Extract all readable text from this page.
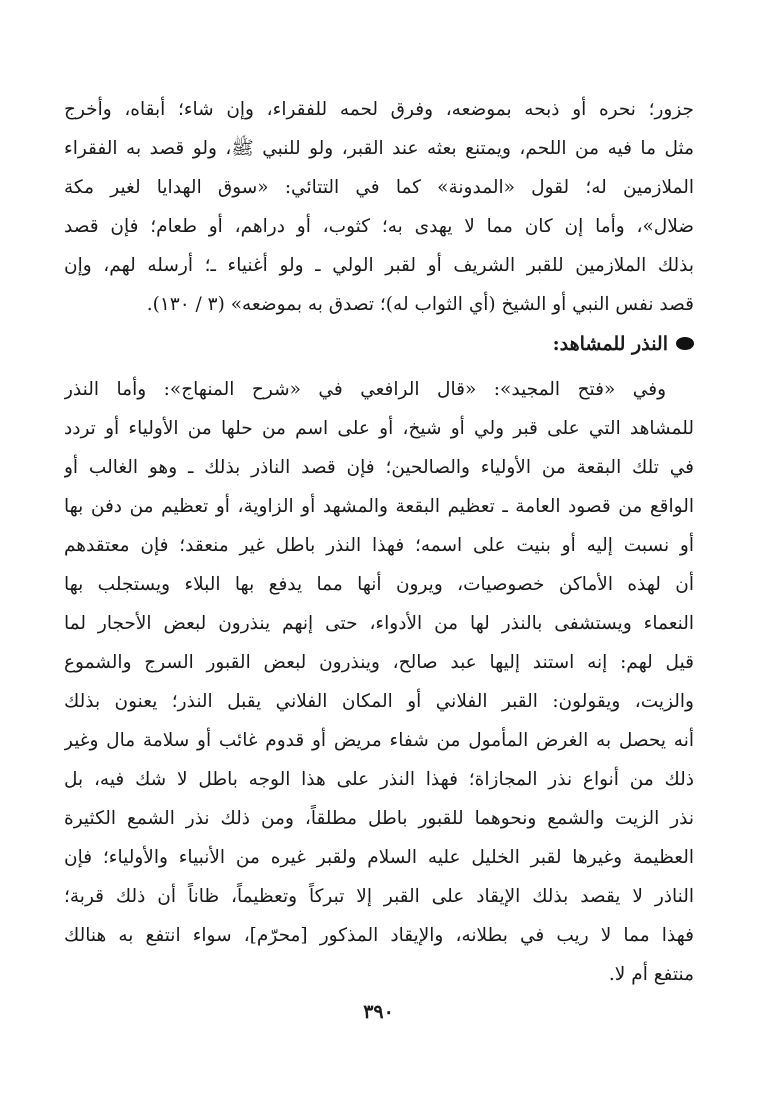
جزور؛ نحره أو ذبحه بموضعه، وفرق لحمه للفقراء، وإن شاء؛ أبقاه، وأخرج
مثل ما فيه من اللحم، ويمتنع بعثه عند القبر، ولو للنبي ﷺ، ولو قصد به الفقراء
الملازمين له؛ لقول «المدونة» كما في التتائي: «سوق الهدايا لغير مكة
ضلال»، وأما إن كان مما لا يهدى به؛ كثوب، أو دراهم، أو طعام؛ فإن قصد
بذلك الملازمين للقبر الشريف أو لقبر الولي ـ ولو أغنياء ـ؛ أرسله لهم، وإن
قصد نفس النبي أو الشيخ (أي الثواب له)؛ تصدق به بموضعه» (٣ / ١٣٠).
النذر للمشاهد:
وفي «فتح المجيد»: «قال الرافعي في «شرح المنهاج»: وأما النذر
للمشاهد التي على قبر ولي أو شيخ، أو على اسم من حلها من الأولياء أو تردد
في تلك البقعة من الأولياء والصالحين؛ فإن قصد الناذر بذلك ـ وهو الغالب أو
الواقع من قصود العامة ـ تعظيم البقعة والمشهد أو الزاوية، أو تعظيم من دفن بها
أو نسبت إليه أو بنيت على اسمه؛ فهذا النذر باطل غير منعقد؛ فإن معتقدهم
أن لهذه الأماكن خصوصيات، ويرون أنها مما يدفع بها البلاء ويستجلب بها
النعماء ويستشفى بالنذر لها من الأدواء، حتى إنهم ينذرون لبعض الأحجار لما
قيل لهم: إنه استند إليها عبد صالح، وينذرون لبعض القبور السرج والشموع
والزيت، ويقولون: القبر الفلاني أو المكان الفلاني يقبل النذر؛ يعنون بذلك
أنه يحصل به الغرض المأمول من شفاء مريض أو قدوم غائب أو سلامة مال وغير
ذلك من أنواع نذر المجازاة؛ فهذا النذر على هذا الوجه باطل لا شك فيه، بل
نذر الزيت والشمع ونحوهما للقبور باطل مطلقاً، ومن ذلك نذر الشمع الكثيرة
العظيمة وغيرها لقبر الخليل عليه السلام ولقبر غيره من الأنبياء والأولياء؛ فإن
الناذر لا يقصد بذلك الإيقاد على القبر إلا تبركاً وتعظيماً، ظاناً أن ذلك قربة؛
فهذا مما لا ريب في بطلانه، والإيقاد المذكور [محرّم]، سواء انتفع به هنالك
منتفع أم لا.
٣٩٠
